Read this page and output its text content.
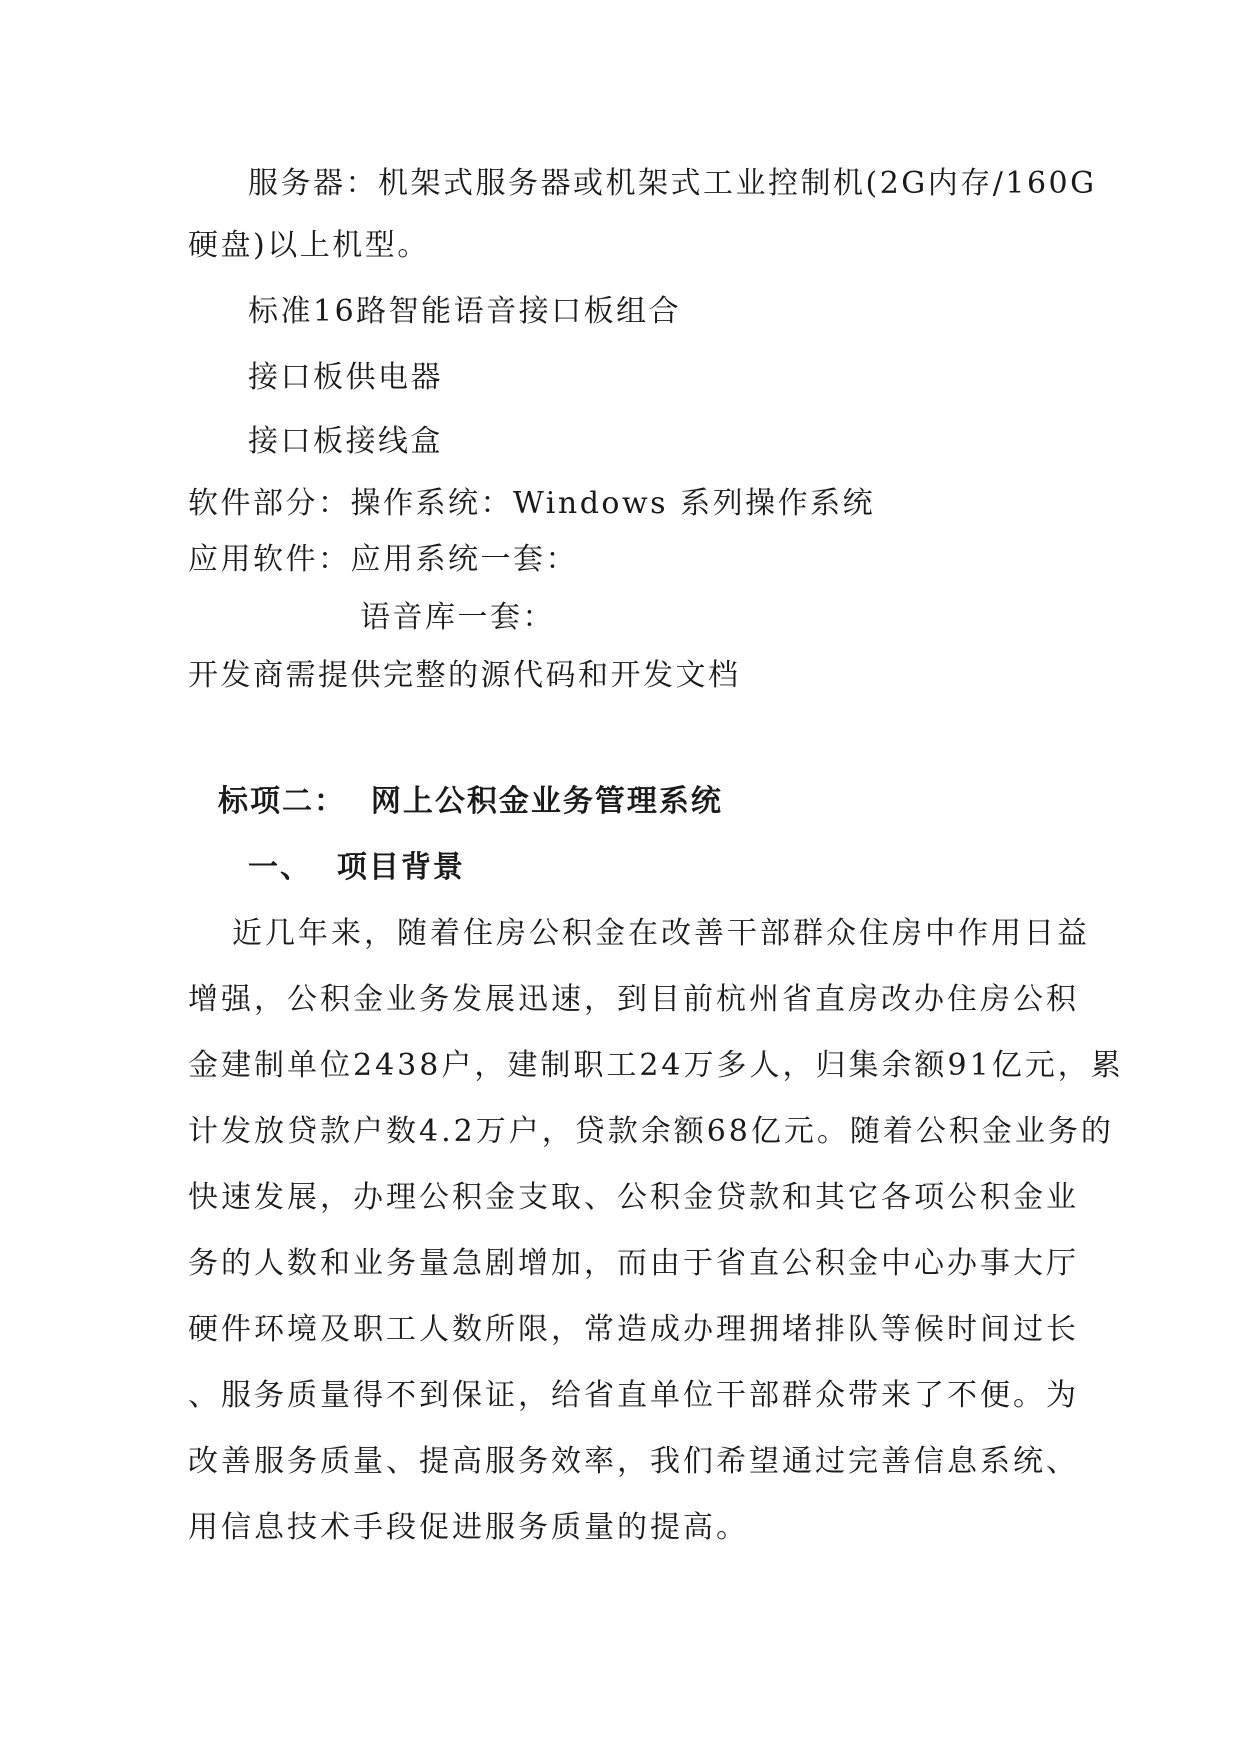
服务器：机架式服务器或机架式工业控制机(2G内存/160G
硬盘)以上机型。
标准16路智能语音接口板组合
接口板供电器
接口板接线盒
软件部分：操作系统：Windows 系列操作系统
应用软件：应用系统一套：
语音库一套：
开发商需提供完整的源代码和开发文档
标项二：  网上公积金业务管理系统
一、  项目背景
近几年来，随着住房公积金在改善干部群众住房中作用日益
增强，公积金业务发展迅速，到目前杭州省直房改办住房公积
金建制单位2438户，建制职工24万多人，归集余额91亿元，累
计发放贷款户数4.2万户，贷款余额68亿元。随着公积金业务的
快速发展，办理公积金支取、公积金贷款和其它各项公积金业
务的人数和业务量急剧增加，而由于省直公积金中心办事大厅
硬件环境及职工人数所限，常造成办理拥堵排队等候时间过长
、服务质量得不到保证，给省直单位干部群众带来了不便。为
改善服务质量、提高服务效率，我们希望通过完善信息系统、
用信息技术手段促进服务质量的提高。
